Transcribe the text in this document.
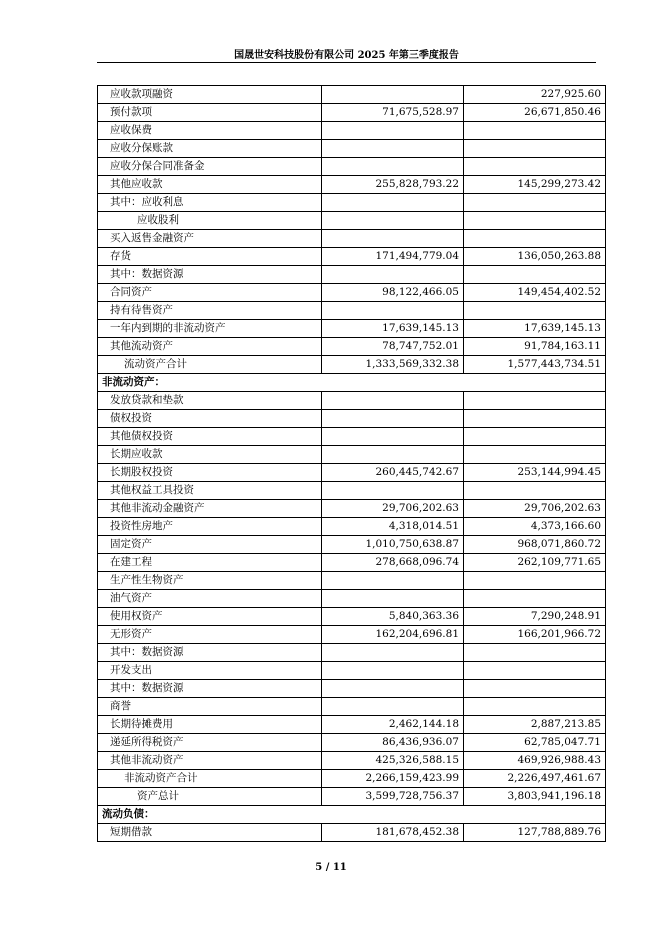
国晟世安科技股份有限公司 2025 年第三季度报告
应收款项融资		227,925.60
预付款项	71,675,528.97	26,671,850.46
应收保费		
应收分保账款		
应收分保合同准备金		
其他应收款	255,828,793.22	145,299,273.42
其中：应收利息		
应收股利		
买入返售金融资产		
存货	171,494,779.04	136,050,263.88
其中：数据资源		
合同资产	98,122,466.05	149,454,402.52
持有待售资产		
一年内到期的非流动资产	17,639,145.13	17,639,145.13
其他流动资产	78,747,752.01	91,784,163.11
流动资产合计	1,333,569,332.38	1,577,443,734.51
非流动资产：		
发放贷款和垫款		
债权投资		
其他债权投资		
长期应收款		
长期股权投资	260,445,742.67	253,144,994.45
其他权益工具投资		
其他非流动金融资产	29,706,202.63	29,706,202.63
投资性房地产	4,318,014.51	4,373,166.60
固定资产	1,010,750,638.87	968,071,860.72
在建工程	278,668,096.74	262,109,771.65
生产性生物资产		
油气资产		
使用权资产	5,840,363.36	7,290,248.91
无形资产	162,204,696.81	166,201,966.72
其中：数据资源		
开发支出		
其中：数据资源		
商誉		
长期待摊费用	2,462,144.18	2,887,213.85
递延所得税资产	86,436,936.07	62,785,047.71
其他非流动资产	425,326,588.15	469,926,988.43
非流动资产合计	2,266,159,423.99	2,226,497,461.67
资产总计	3,599,728,756.37	3,803,941,196.18
流动负债：		
短期借款	181,678,452.38	127,788,889.76
5 / 11
